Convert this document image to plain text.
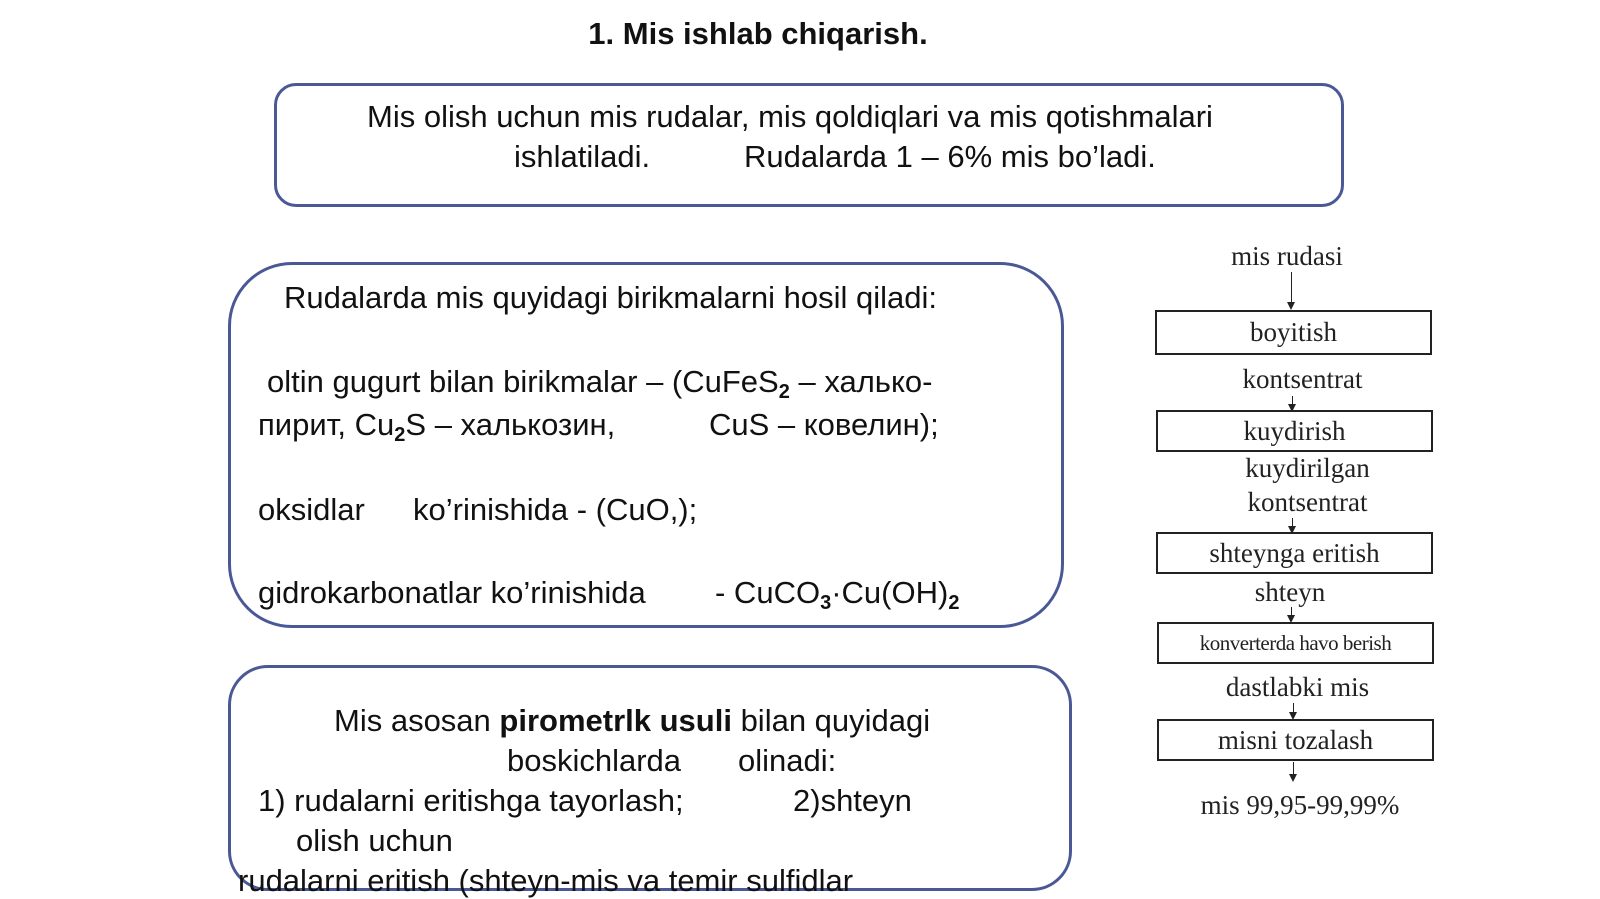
1. Mis ishlab chiqarish.
Mis olish uchun mis rudalar, mis qoldiqlari va mis qotishmalari
ishlatiladi.	Rudalarda 1 – 6% mis bo’ladi.
Rudalarda mis quyidagi birikmalarni hosil qiladi:
oltin gugurt bilan birikmalar – (CuFeS$_2$ – халько-
пирит, $Cu_2S$ – халькозин,	CuS – ковелин);
oksidlar ko’rinishida - (CuO,);
gidrokarbonatlar ko’rinishida - $CuCO_3\cdot Cu(OH)_2$
Mis asosan pirometrlk usuli bilan quyidagi
boskichlarda olinadi:
1) rudalarni eritishga tayorlash;	2)shteyn
olish uchun
rudalarni eritish (shteyn-mis va temir sulfidlar
mis rudasi
boyitish
kontsentrat
kuydirish
kuydirilgan
kontsentrat
shteynga eritish
shteyn
konverterda havo berish
dastlabki mis
misni tozalash
mis 99,95-99,99%
